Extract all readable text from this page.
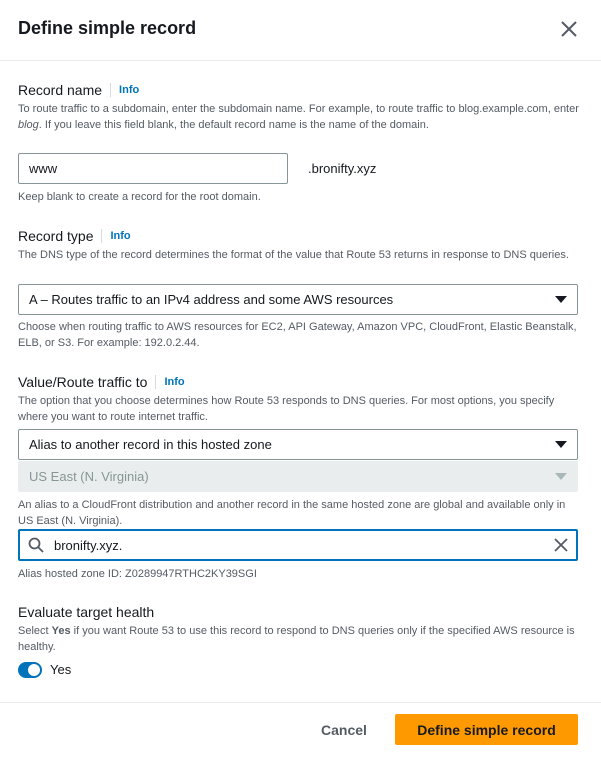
Define simple record
Record name	Info
To route traffic to a subdomain, enter the subdomain name. For example, to route traffic to blog.example.com, enter blog. If you leave this field blank, the default record name is the name of the domain.
www	.bronifty.xyz
Keep blank to create a record for the root domain.
Record type	Info
The DNS type of the record determines the format of the value that Route 53 returns in response to DNS queries.
A – Routes traffic to an IPv4 address and some AWS resources
Choose when routing traffic to AWS resources for EC2, API Gateway, Amazon VPC, CloudFront, Elastic Beanstalk, ELB, or S3. For example: 192.0.2.44.
Value/Route traffic to	Info
The option that you choose determines how Route 53 responds to DNS queries. For most options, you specify where you want to route internet traffic.
Alias to another record in this hosted zone
US East (N. Virginia)
An alias to a CloudFront distribution and another record in the same hosted zone are global and available only in US East (N. Virginia).
bronifty.xyz.
Alias hosted zone ID: Z0289947RTHC2KY39SGI
Evaluate target health
Select Yes if you want Route 53 to use this record to respond to DNS queries only if the specified AWS resource is healthy.
Yes
Cancel	Define simple record
